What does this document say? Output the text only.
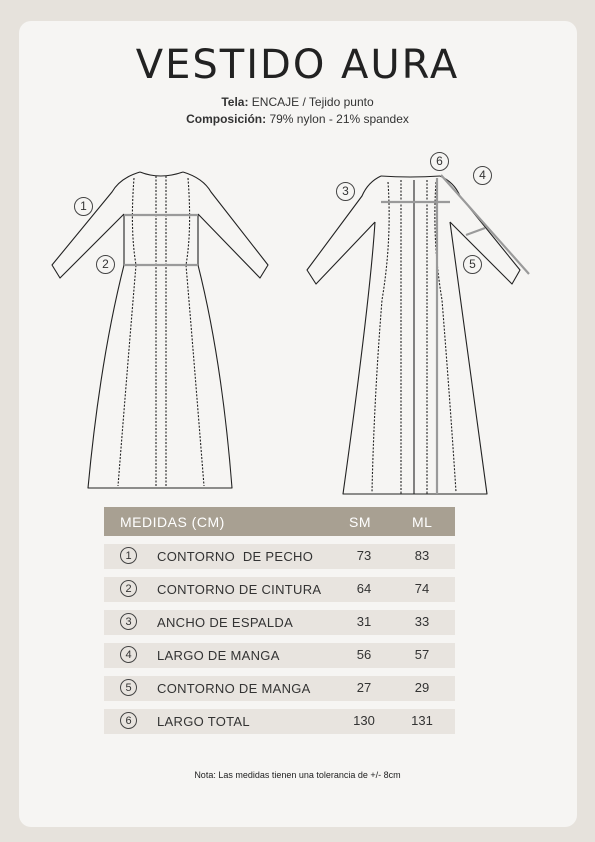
VESTIDO AURA
Tela: ENCAJE / Tejido punto
Composición: 79% nylon - 21% spandex
1
2
3
4
5
6
MEDIDAS (CM)	SM	ML
1	CONTORNO  DE PECHO	73	83
2	CONTORNO DE CINTURA	64	74
3	ANCHO DE ESPALDA	31	33
4	LARGO DE MANGA	56	57
5	CONTORNO DE MANGA	27	29
6	LARGO TOTAL	130	131
Nota: Las medidas tienen una tolerancia de +/- 8cm
